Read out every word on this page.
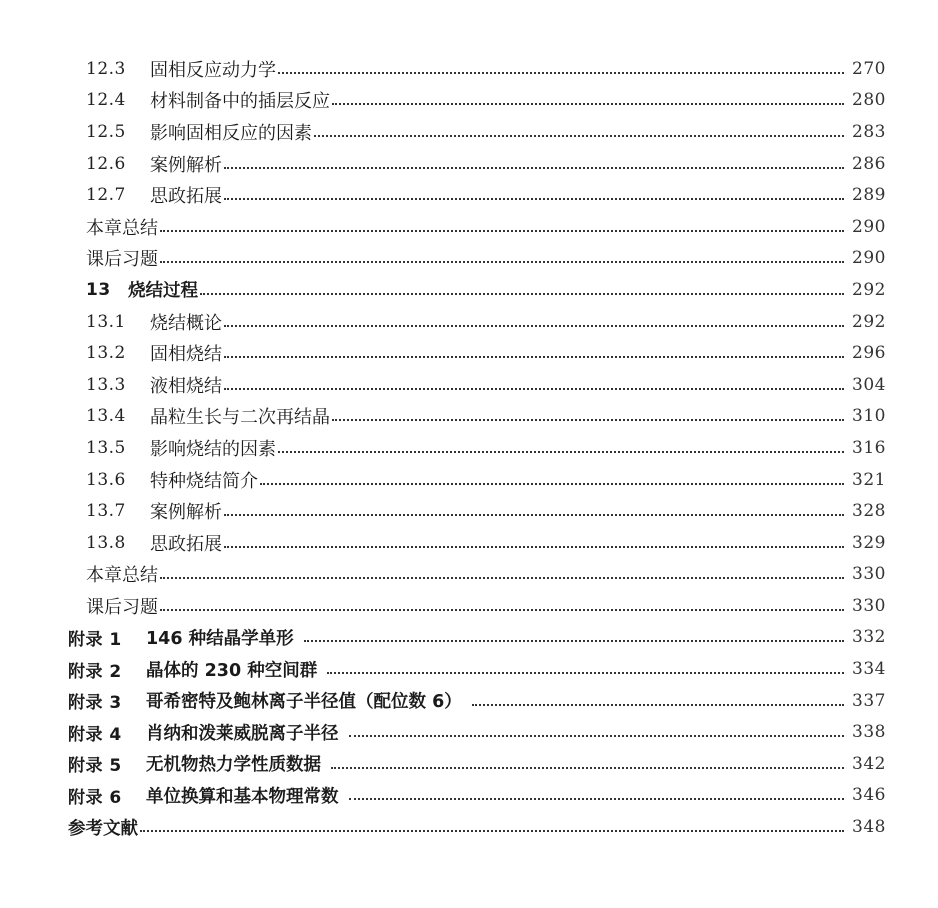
12.3	固相反应动力学	270
12.4	材料制备中的插层反应	280
12.5	影响固相反应的因素	283
12.6	案例解析	286
12.7	思政拓展	289
本章总结	290
课后习题	290
13 烧结过程	292
13.1	烧结概论	292
13.2	固相烧结	296
13.3	液相烧结	304
13.4	晶粒生长与二次再结晶	310
13.5	影响烧结的因素	316
13.6	特种烧结简介	321
13.7	案例解析	328
13.8	思政拓展	329
本章总结	330
课后习题	330
附录 1	146 种结晶学单形	332
附录 2	晶体的 230 种空间群	334
附录 3	哥希密特及鲍林离子半径值（配位数 6）	337
附录 4	肖纳和泼莱威脱离子半径	338
附录 5	无机物热力学性质数据	342
附录 6	单位换算和基本物理常数	346
参考文献	348
